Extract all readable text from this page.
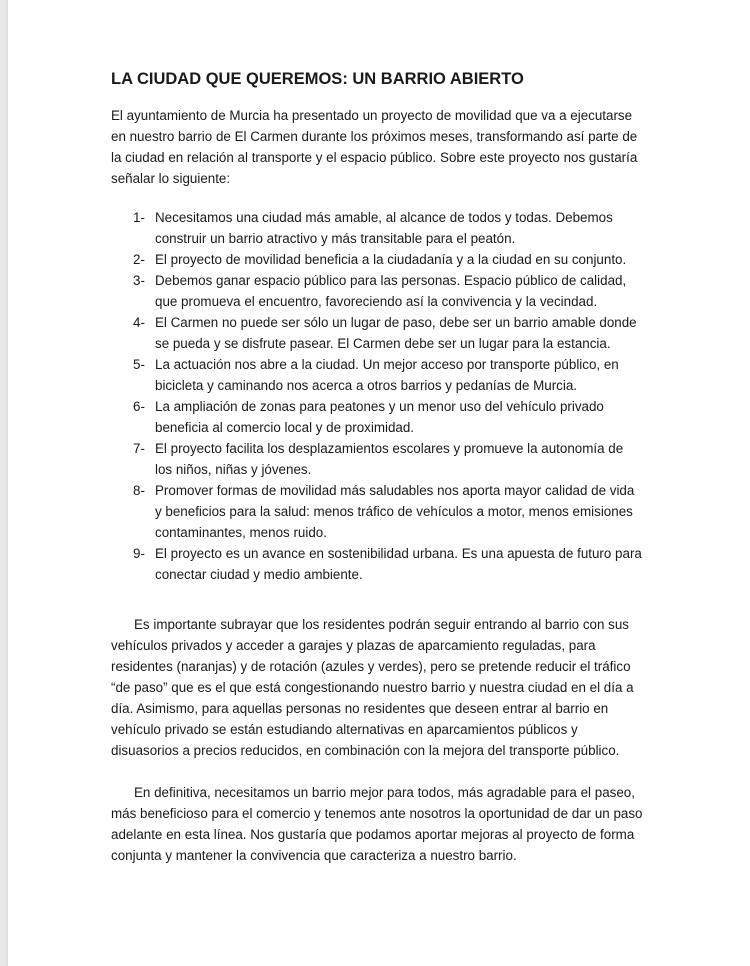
LA CIUDAD QUE QUEREMOS: UN BARRIO ABIERTO

El ayuntamiento de Murcia ha presentado un proyecto de movilidad que va a ejecutarse en nuestro barrio de El Carmen durante los próximos meses, transformando así parte de la ciudad en relación al transporte y el espacio público. Sobre este proyecto nos gustaría señalar lo siguiente:

1- Necesitamos una ciudad más amable, al alcance de todos y todas. Debemos construir un barrio atractivo y más transitable para el peatón.
2- El proyecto de movilidad beneficia a la ciudadanía y a la ciudad en su conjunto.
3- Debemos ganar espacio público para las personas. Espacio público de calidad, que promueva el encuentro, favoreciendo así la convivencia y la vecindad.
4- El Carmen no puede ser sólo un lugar de paso, debe ser un barrio amable donde se pueda y se disfrute pasear. El Carmen debe ser un lugar para la estancia.
5- La actuación nos abre a la ciudad. Un mejor acceso por transporte público, en bicicleta y caminando nos acerca a otros barrios y pedanías de Murcia.
6- La ampliación de zonas para peatones y un menor uso del vehículo privado beneficia al comercio local y de proximidad.
7- El proyecto facilita los desplazamientos escolares y promueve la autonomía de los niños, niñas y jóvenes.
8- Promover formas de movilidad más saludables nos aporta mayor calidad de vida y beneficios para la salud: menos tráfico de vehículos a motor, menos emisiones contaminantes, menos ruido.
9- El proyecto es un avance en sostenibilidad urbana. Es una apuesta de futuro para conectar ciudad y medio ambiente.

Es importante subrayar que los residentes podrán seguir entrando al barrio con sus vehículos privados y acceder a garajes y plazas de aparcamiento reguladas, para residentes (naranjas) y de rotación (azules y verdes), pero se pretende reducir el tráfico “de paso” que es el que está congestionando nuestro barrio y nuestra ciudad en el día a día. Asimismo, para aquellas personas no residentes que deseen entrar al barrio en vehículo privado se están estudiando alternativas en aparcamientos públicos y disuasorios a precios reducidos, en combinación con la mejora del transporte público.

En definitiva, necesitamos un barrio mejor para todos, más agradable para el paseo, más beneficioso para el comercio y tenemos ante nosotros la oportunidad de dar un paso adelante en esta línea. Nos gustaría que podamos aportar mejoras al proyecto de forma conjunta y mantener la convivencia que caracteriza a nuestro barrio.
